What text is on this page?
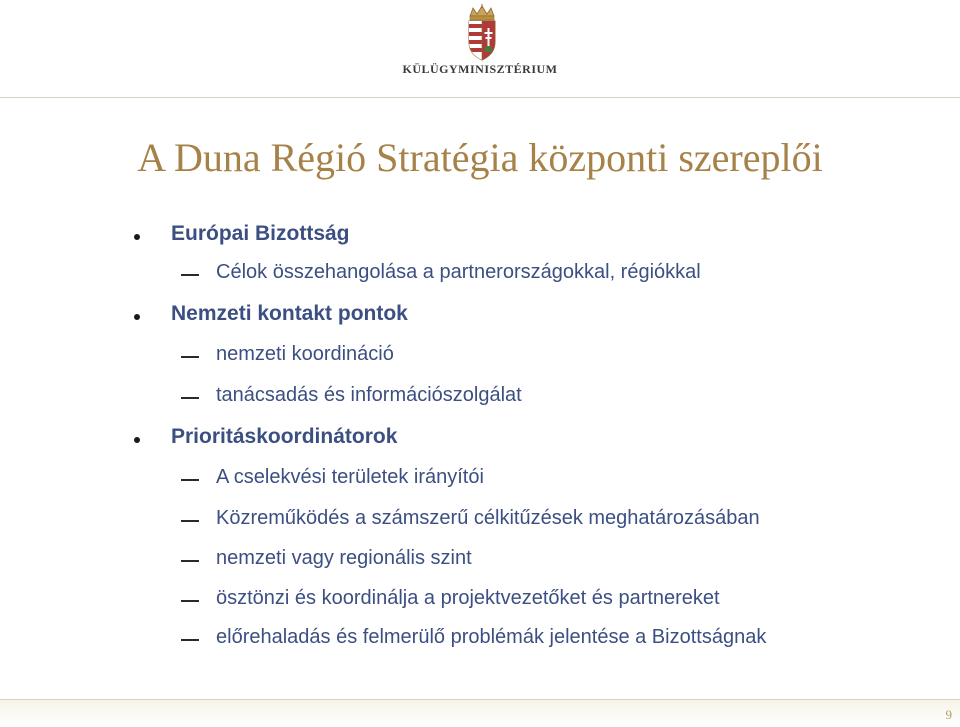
KÜLÜGYMINISZTÉRIUM
A Duna Régió Stratégia központi szereplői
Európai Bizottság
Célok összehangolása a partnerországokkal, régiókkal
Nemzeti kontakt pontok
nemzeti koordináció
tanácsadás és információszolgálat
Prioritáskoordinátorok
A cselekvési területek irányítói
Közreműködés a számszerű célkitűzések meghatározásában
nemzeti vagy regionális szint
ösztönzi és koordinálja a projektvezetőket és partnereket
előrehaladás és felmerülő problémák jelentése a Bizottságnak
9
